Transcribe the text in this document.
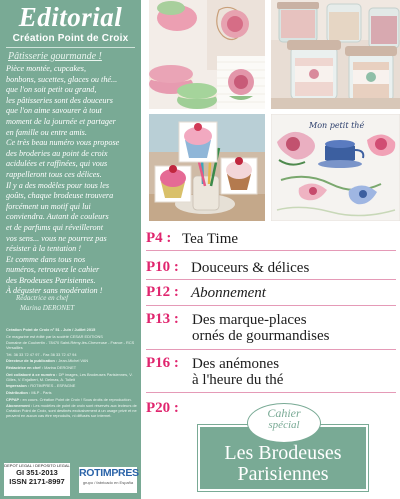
Editorial
Création Point de Croix
Pâtisserie gourmande !
Pièce montée, cupcakes,
bonbons, sucettes, glaces ou thé...
que l'on soit petit ou grand,
les pâtisseries sont des douceurs
que l'on aime savourer à tout
moment de la journée et partager
en famille ou entre amis.
Ce très beau numéro vous propose
des broderies au point de croix
acidulées et raffinées, qui vous
rappelleront tous ces délices.
Il y a des modèles pour tous les
goûts, chaque brodeuse trouvera
forcément un motif qui lui
conviendra. Autant de couleurs
et de parfums qui réveilleront
vos sens... vous ne pourrez pas
résister à la tentation !
Et comme dans tous nos
numéros, retrouvez le cahier
des Brodeuses Parisiennes.
À déguster sans modération !
Rédactrice en chef
Marina DERONET

Création Point de Croix n° 51 - Juin / Juillet 2015

Ce magazine est édité par la société CESAR EDITIONS

Domaine de Coubertin - 78470 Saint-Rémy-lès-Chevreuse - France - RCS Versailles

Tél. 36 33 72 47 97 - Fax 36 33 72 47 94

Directeur de la publication : Jean-Michel VAN

Rédactrice en chef : Marina DERONET

Ont collaboré à ce numéro : DP images, Les Brodeuses Parisiennes, V. Gilles, V. Enjalbert, M. Delmas, A. Tolleit

Impression : ROTIMPRES - ESPAGNE

Distribution : MLP - Paris

CPPAP : en cours. Création Point de Croix ! Sous droits de reproduction.

Abonnement : Les modèles de point de croix sont réservés aux lecteurs de Création Point de Croix, sont destinés exclusivement à un usage privé et ne peuvent en aucun cas être reproduits, ni diffusés sur internet.

DEPOT LEGAL / DEPOSITO LEGAL
GI 351-2013
ISSN 2171-8997
ROTIMPRES
grupo / fabricado en España
Mon petit thé
P4 : Tea Time
P10 : Douceurs & délices
P12 : Abonnement
P13 : Des marque-places
ornés de gourmandises
P16 : Des anémones
à l'heure du thé
P20 :	Cahier
spécial
Les Brodeuses
Parisiennes
